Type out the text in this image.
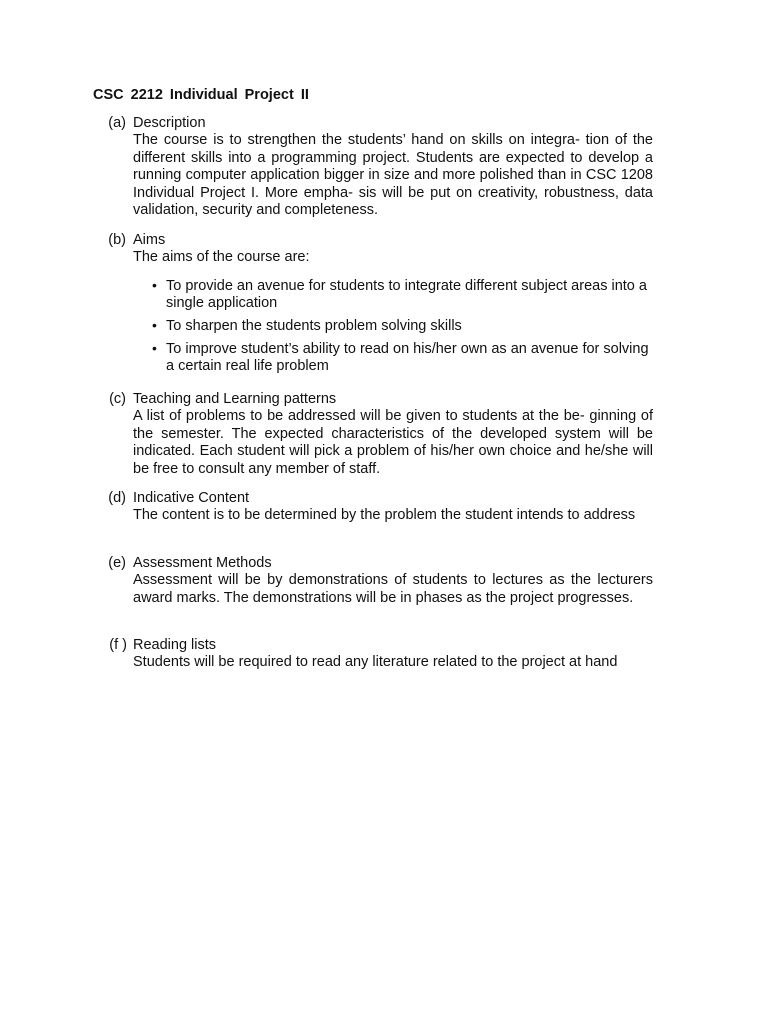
CSC 2212 Individual Project II
(a) Description
The course is to strengthen the students’ hand on skills on integra- tion of the different skills into a programming project. Students are expected to develop a running computer application bigger in size and more polished than in CSC 1208 Individual Project I. More empha- sis will be put on creativity, robustness, data validation, security and completeness.
(b) Aims
The aims of the course are:
• To provide an avenue for students to integrate different subject areas into a single application
• To sharpen the students problem solving skills
• To improve student’s ability to read on his/her own as an avenue for solving a certain real life problem
(c) Teaching and Learning patterns
A list of problems to be addressed will be given to students at the be- ginning of the semester. The expected characteristics of the developed system will be indicated. Each student will pick a problem of his/her own choice and he/she will be free to consult any member of staff.
(d) Indicative Content
The content is to be determined by the problem the student intends to address
(e) Assessment Methods
Assessment will be by demonstrations of students to lectures as the lecturers award marks. The demonstrations will be in phases as the project progresses.
(f ) Reading lists
Students will be required to read any literature related to the project at hand
